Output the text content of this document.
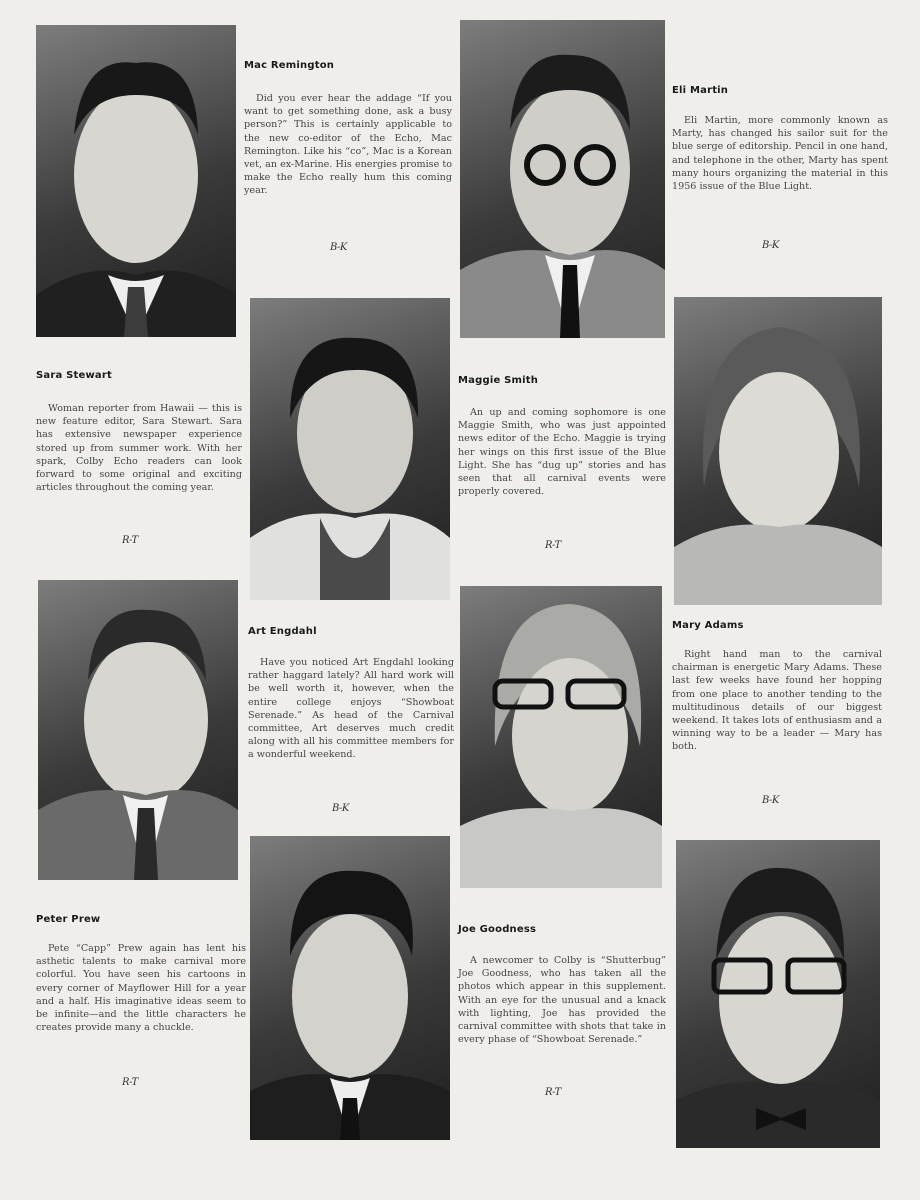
Mac Remington

Did you ever hear the addage “If you want to get something done, ask a busy person?” This is certainly applicable to the new co-editor of the Echo, Mac Remington. Like his “co”, Mac is a Korean vet, an ex-Marine. His energies promise to make the Echo really hum this coming year.

B-K
Eli Martin

Eli Martin, more commonly known as Marty, has changed his sailor suit for the blue serge of editorship. Pencil in one hand, and telephone in the other, Marty has spent many hours organizing the material in this 1956 issue of the Blue Light.

B-K
Sara Stewart

Woman reporter from Hawaii — this is new feature editor, Sara Stewart. Sara has extensive newspaper experience stored up from summer work. With her spark, Colby Echo readers can look forward to some original and exciting articles throughout the coming year.

R-T
Maggie Smith

An up and coming sophomore is one Maggie Smith, who was just appointed news editor of the Echo. Maggie is trying her wings on this first issue of the Blue Light. She has “dug up” stories and has seen that all carnival events were properly covered.

R-T
Art Engdahl

Have you noticed Art Engdahl looking rather haggard lately? All hard work will be well worth it, however, when the entire college enjoys “Showboat Serenade.” As head of the Carnival committee, Art deserves much credit along with all his committee members for a wonderful weekend.

B-K
Mary Adams

Right hand man to the carnival chairman is energetic Mary Adams. These last few weeks have found her hopping from one place to another tending to the multitudinous details of our biggest weekend. It takes lots of enthusiasm and a winning way to be a leader — Mary has both.

B-K
Peter Prew

Pete “Capp” Prew again has lent his asthetic talents to make carnival more colorful. You have seen his cartoons in every corner of Mayflower Hill for a year and a half. His imaginative ideas seem to be infinite—and the little characters he creates provide many a chuckle.

R-T
Joe Goodness

A newcomer to Colby is “Shutterbug” Joe Goodness, who has taken all the photos which appear in this supplement. With an eye for the unusual and a knack with lighting, Joe has provided the carnival committee with shots that take in every phase of “Showboat Serenade.”

R-T
